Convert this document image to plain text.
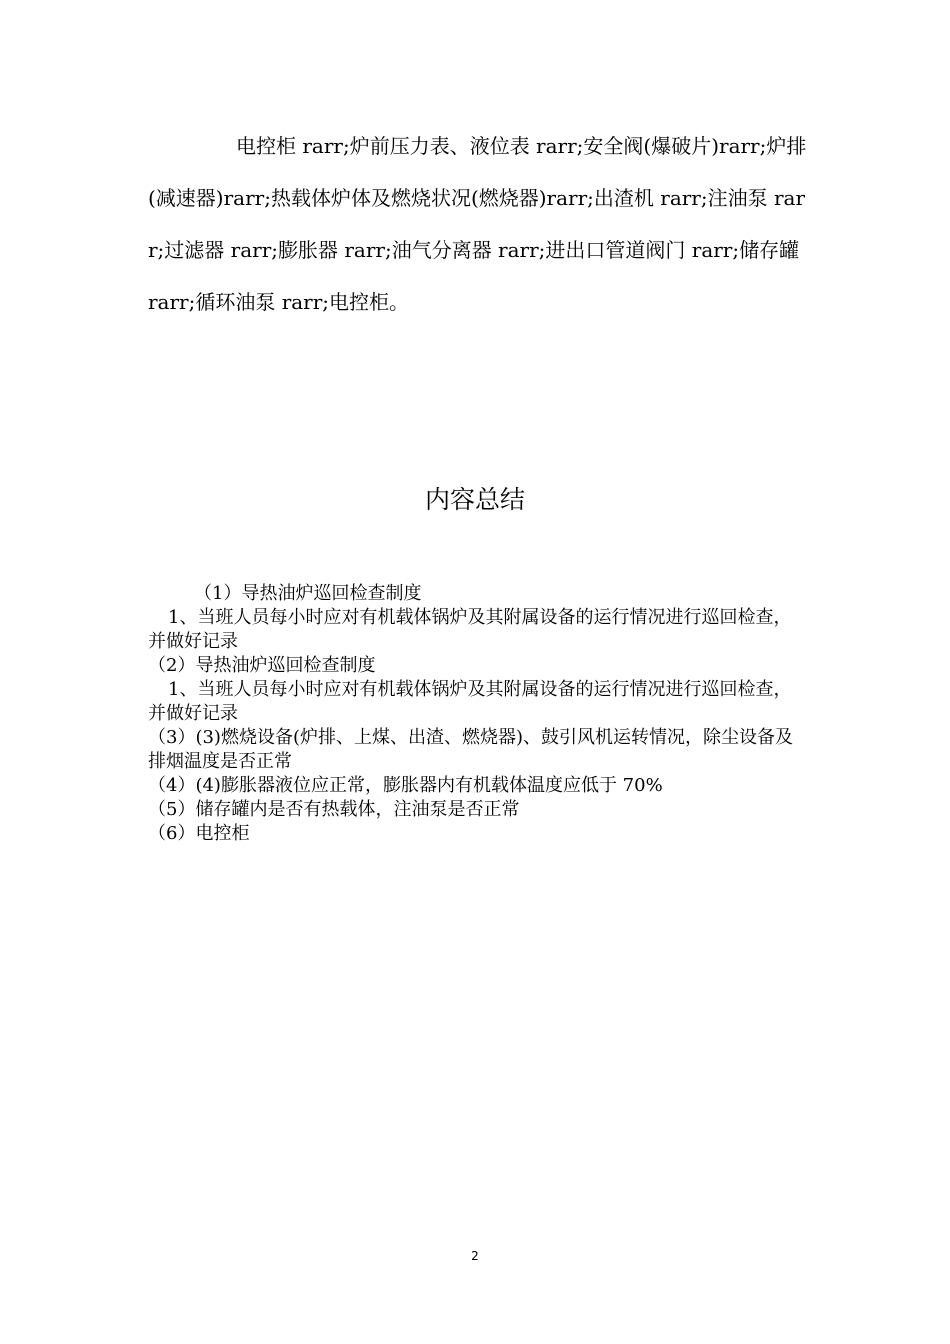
电控柜 rarr;炉前压力表、液位表 rarr;安全阀(爆破片)rarr;炉排(减速器)rarr;热载体炉体及燃烧状况(燃烧器)rarr;出渣机 rarr;注油泵 rarr;过滤器 rarr;膨胀器 rarr;油气分离器 rarr;进出口管道阀门 rarr;储存罐 rarr;循环油泵 rarr;电控柜。

内容总结
（1）导热油炉巡回检查制度
1、当班人员每小时应对有机载体锅炉及其附属设备的运行情况进行巡回检查，并做好记录
（2）导热油炉巡回检查制度
1、当班人员每小时应对有机载体锅炉及其附属设备的运行情况进行巡回检查，并做好记录
（3）(3)燃烧设备(炉排、上煤、出渣、燃烧器)、鼓引风机运转情况，除尘设备及排烟温度是否正常
（4）(4)膨胀器液位应正常，膨胀器内有机载体温度应低于 70%
（5）储存罐内是否有热载体，注油泵是否正常
（6）电控柜
2
